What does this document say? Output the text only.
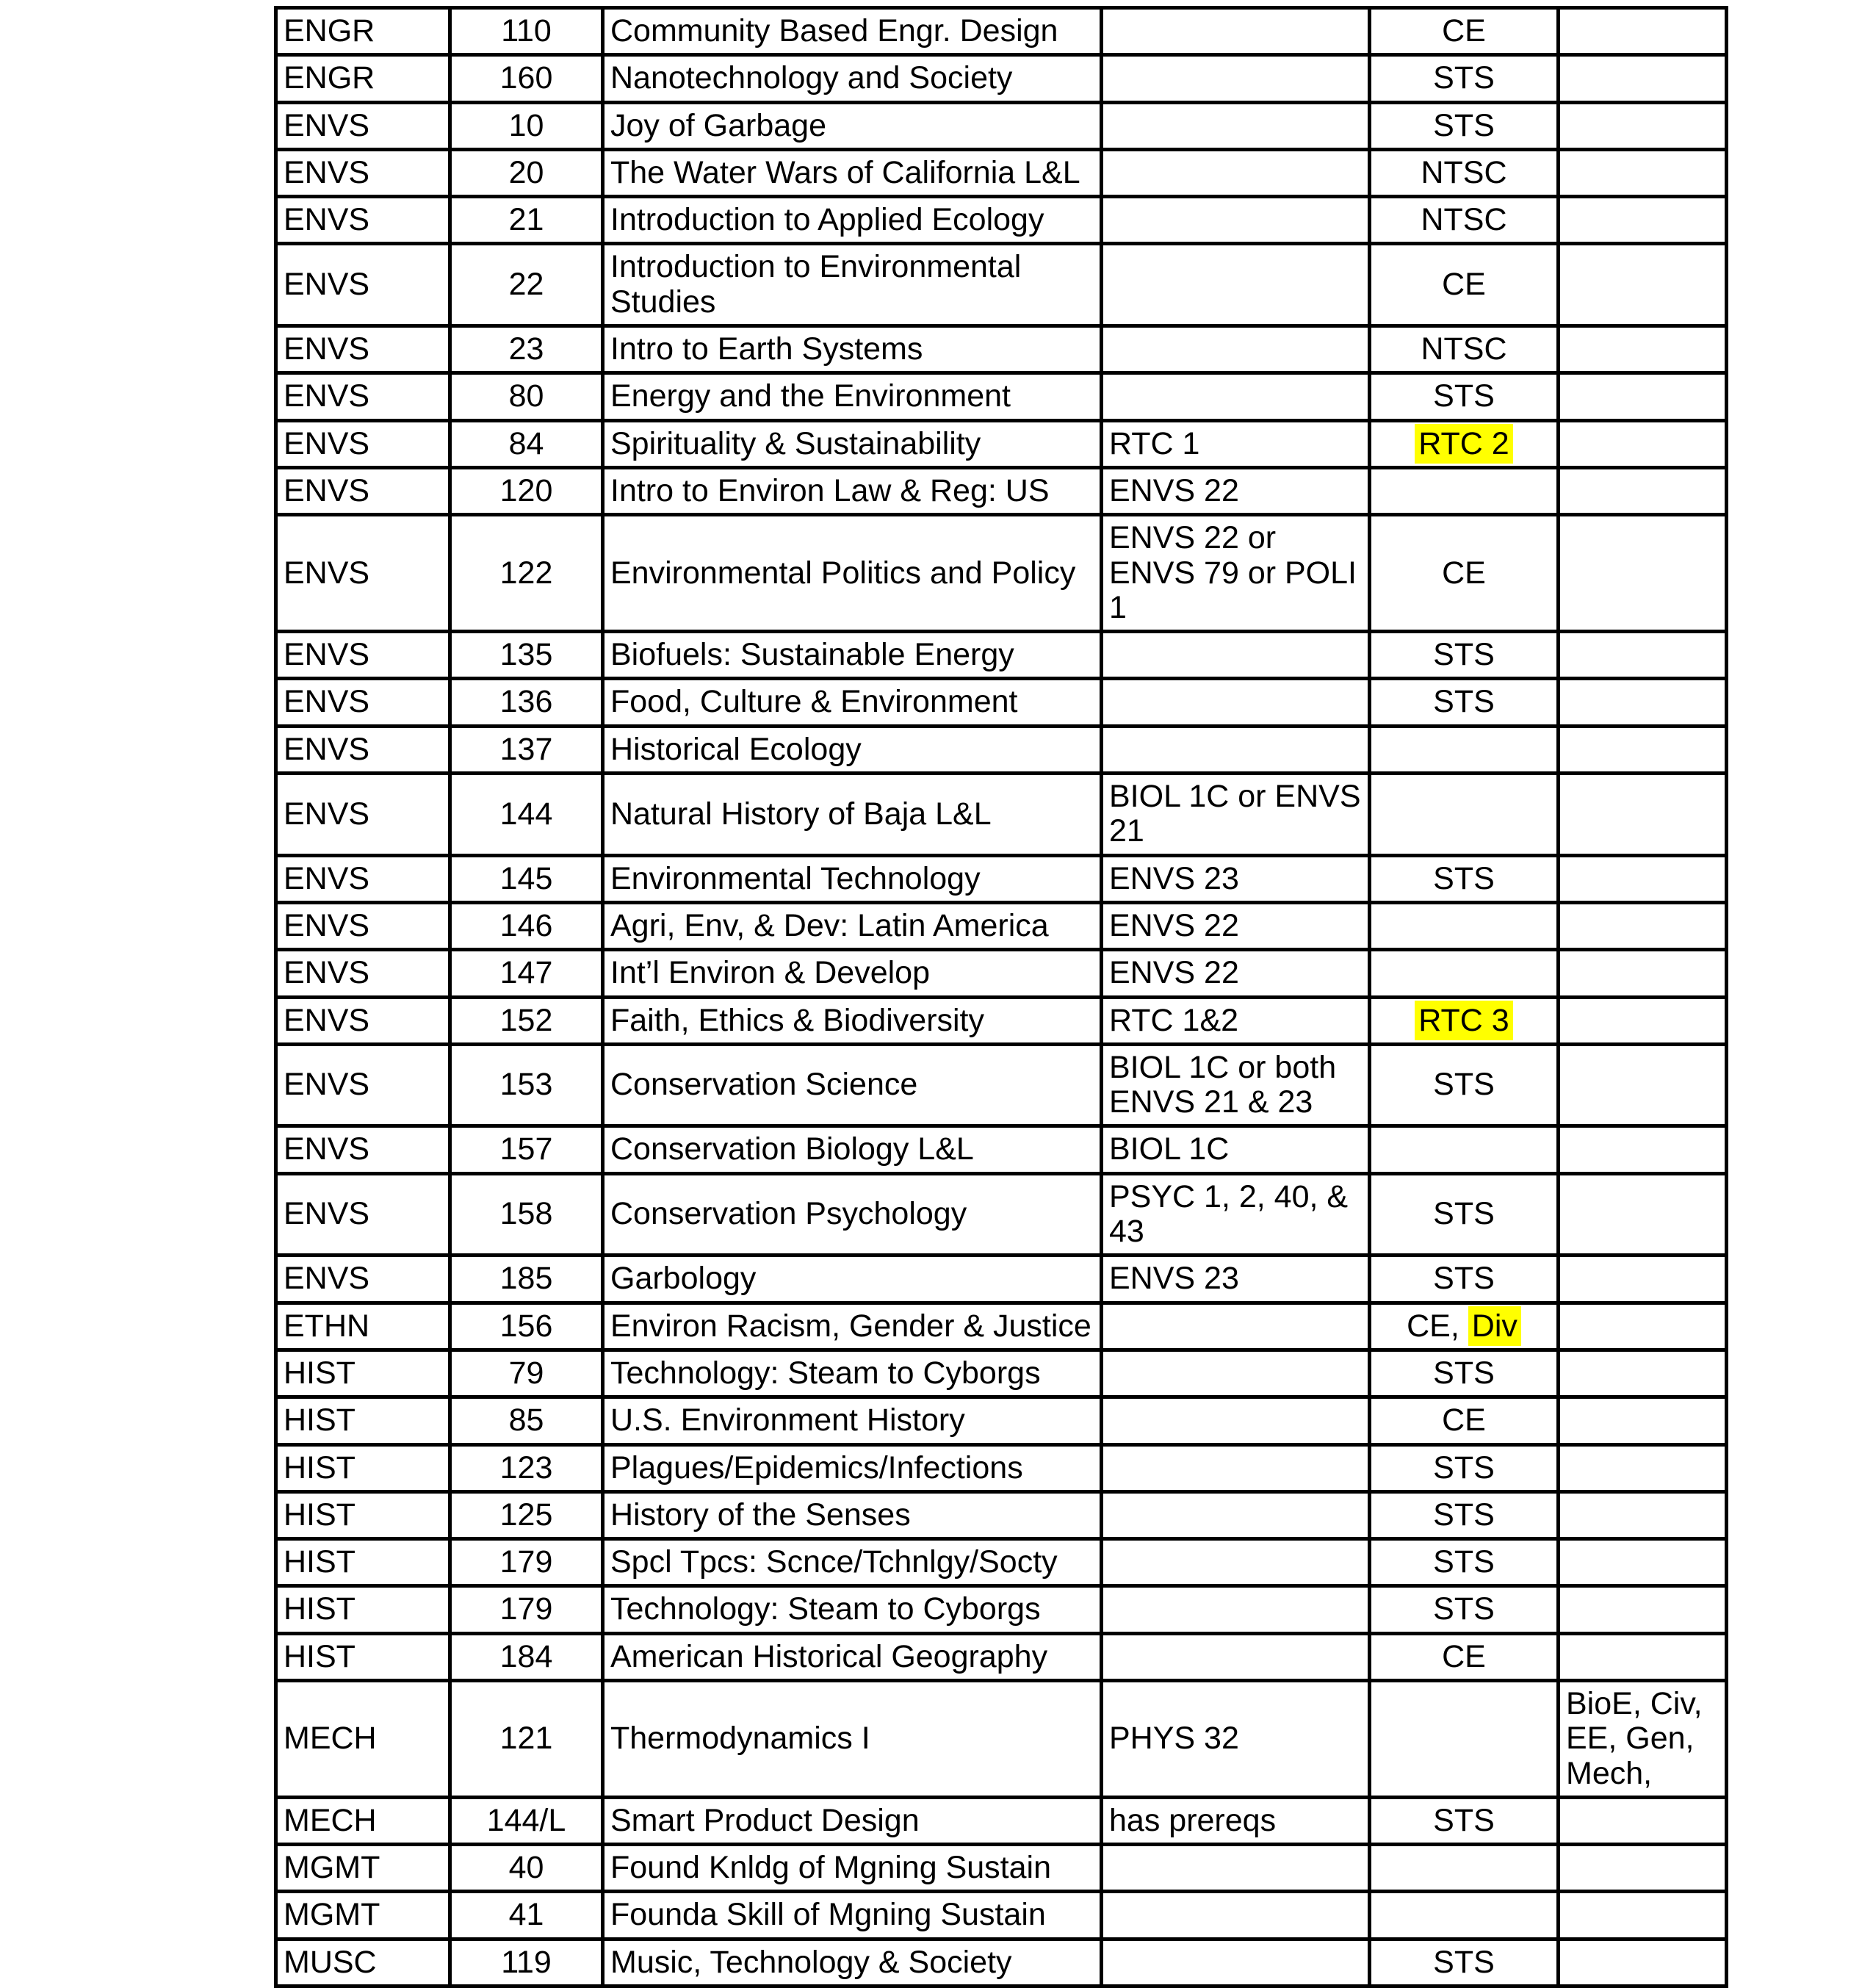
ENGR	110	Community Based Engr. Design		CE	
ENGR	160	Nanotechnology and Society		STS	
ENVS	10	Joy of Garbage		STS	
ENVS	20	The Water Wars of California L&L		NTSC	
ENVS	21	Introduction to Applied Ecology		NTSC	
ENVS	22	Introduction to Environmental Studies		CE	
ENVS	23	Intro to Earth Systems		NTSC	
ENVS	80	Energy and the Environment		STS	
ENVS	84	Spirituality & Sustainability	RTC 1	RTC 2	
ENVS	120	Intro to Environ Law & Reg: US	ENVS 22		
ENVS	122	Environmental Politics and Policy	ENVS 22 or ENVS 79 or POLI 1	CE	
ENVS	135	Biofuels: Sustainable Energy		STS	
ENVS	136	Food, Culture & Environment		STS	
ENVS	137	Historical Ecology			
ENVS	144	Natural History of Baja L&L	BIOL 1C or ENVS 21		
ENVS	145	Environmental Technology	ENVS 23	STS	
ENVS	146	Agri, Env, & Dev: Latin America	ENVS 22		
ENVS	147	Int’l Environ & Develop	ENVS 22		
ENVS	152	Faith, Ethics & Biodiversity	RTC 1&2	RTC 3	
ENVS	153	Conservation Science	BIOL 1C or both ENVS 21 & 23	STS	
ENVS	157	Conservation Biology L&L	BIOL 1C		
ENVS	158	Conservation Psychology	PSYC 1, 2, 40, & 43	STS	
ENVS	185	Garbology	ENVS 23	STS	
ETHN	156	Environ Racism, Gender & Justice		CE, Div	
HIST	79	Technology: Steam to Cyborgs		STS	
HIST	85	U.S. Environment History		CE	
HIST	123	Plagues/Epidemics/Infections		STS	
HIST	125	History of the Senses		STS	
HIST	179	Spcl Tpcs: Scnce/Tchnlgy/Socty		STS	
HIST	179	Technology: Steam to Cyborgs		STS	
HIST	184	American Historical Geography		CE	
MECH	121	Thermodynamics I	PHYS 32		BioE, Civ, EE, Gen, Mech,
MECH	144/L	Smart Product Design	has prereqs	STS	
MGMT	40	Found Knldg of Mgning Sustain			
MGMT	41	Founda Skill of Mgning Sustain			
MUSC	119	Music, Technology & Society		STS	
